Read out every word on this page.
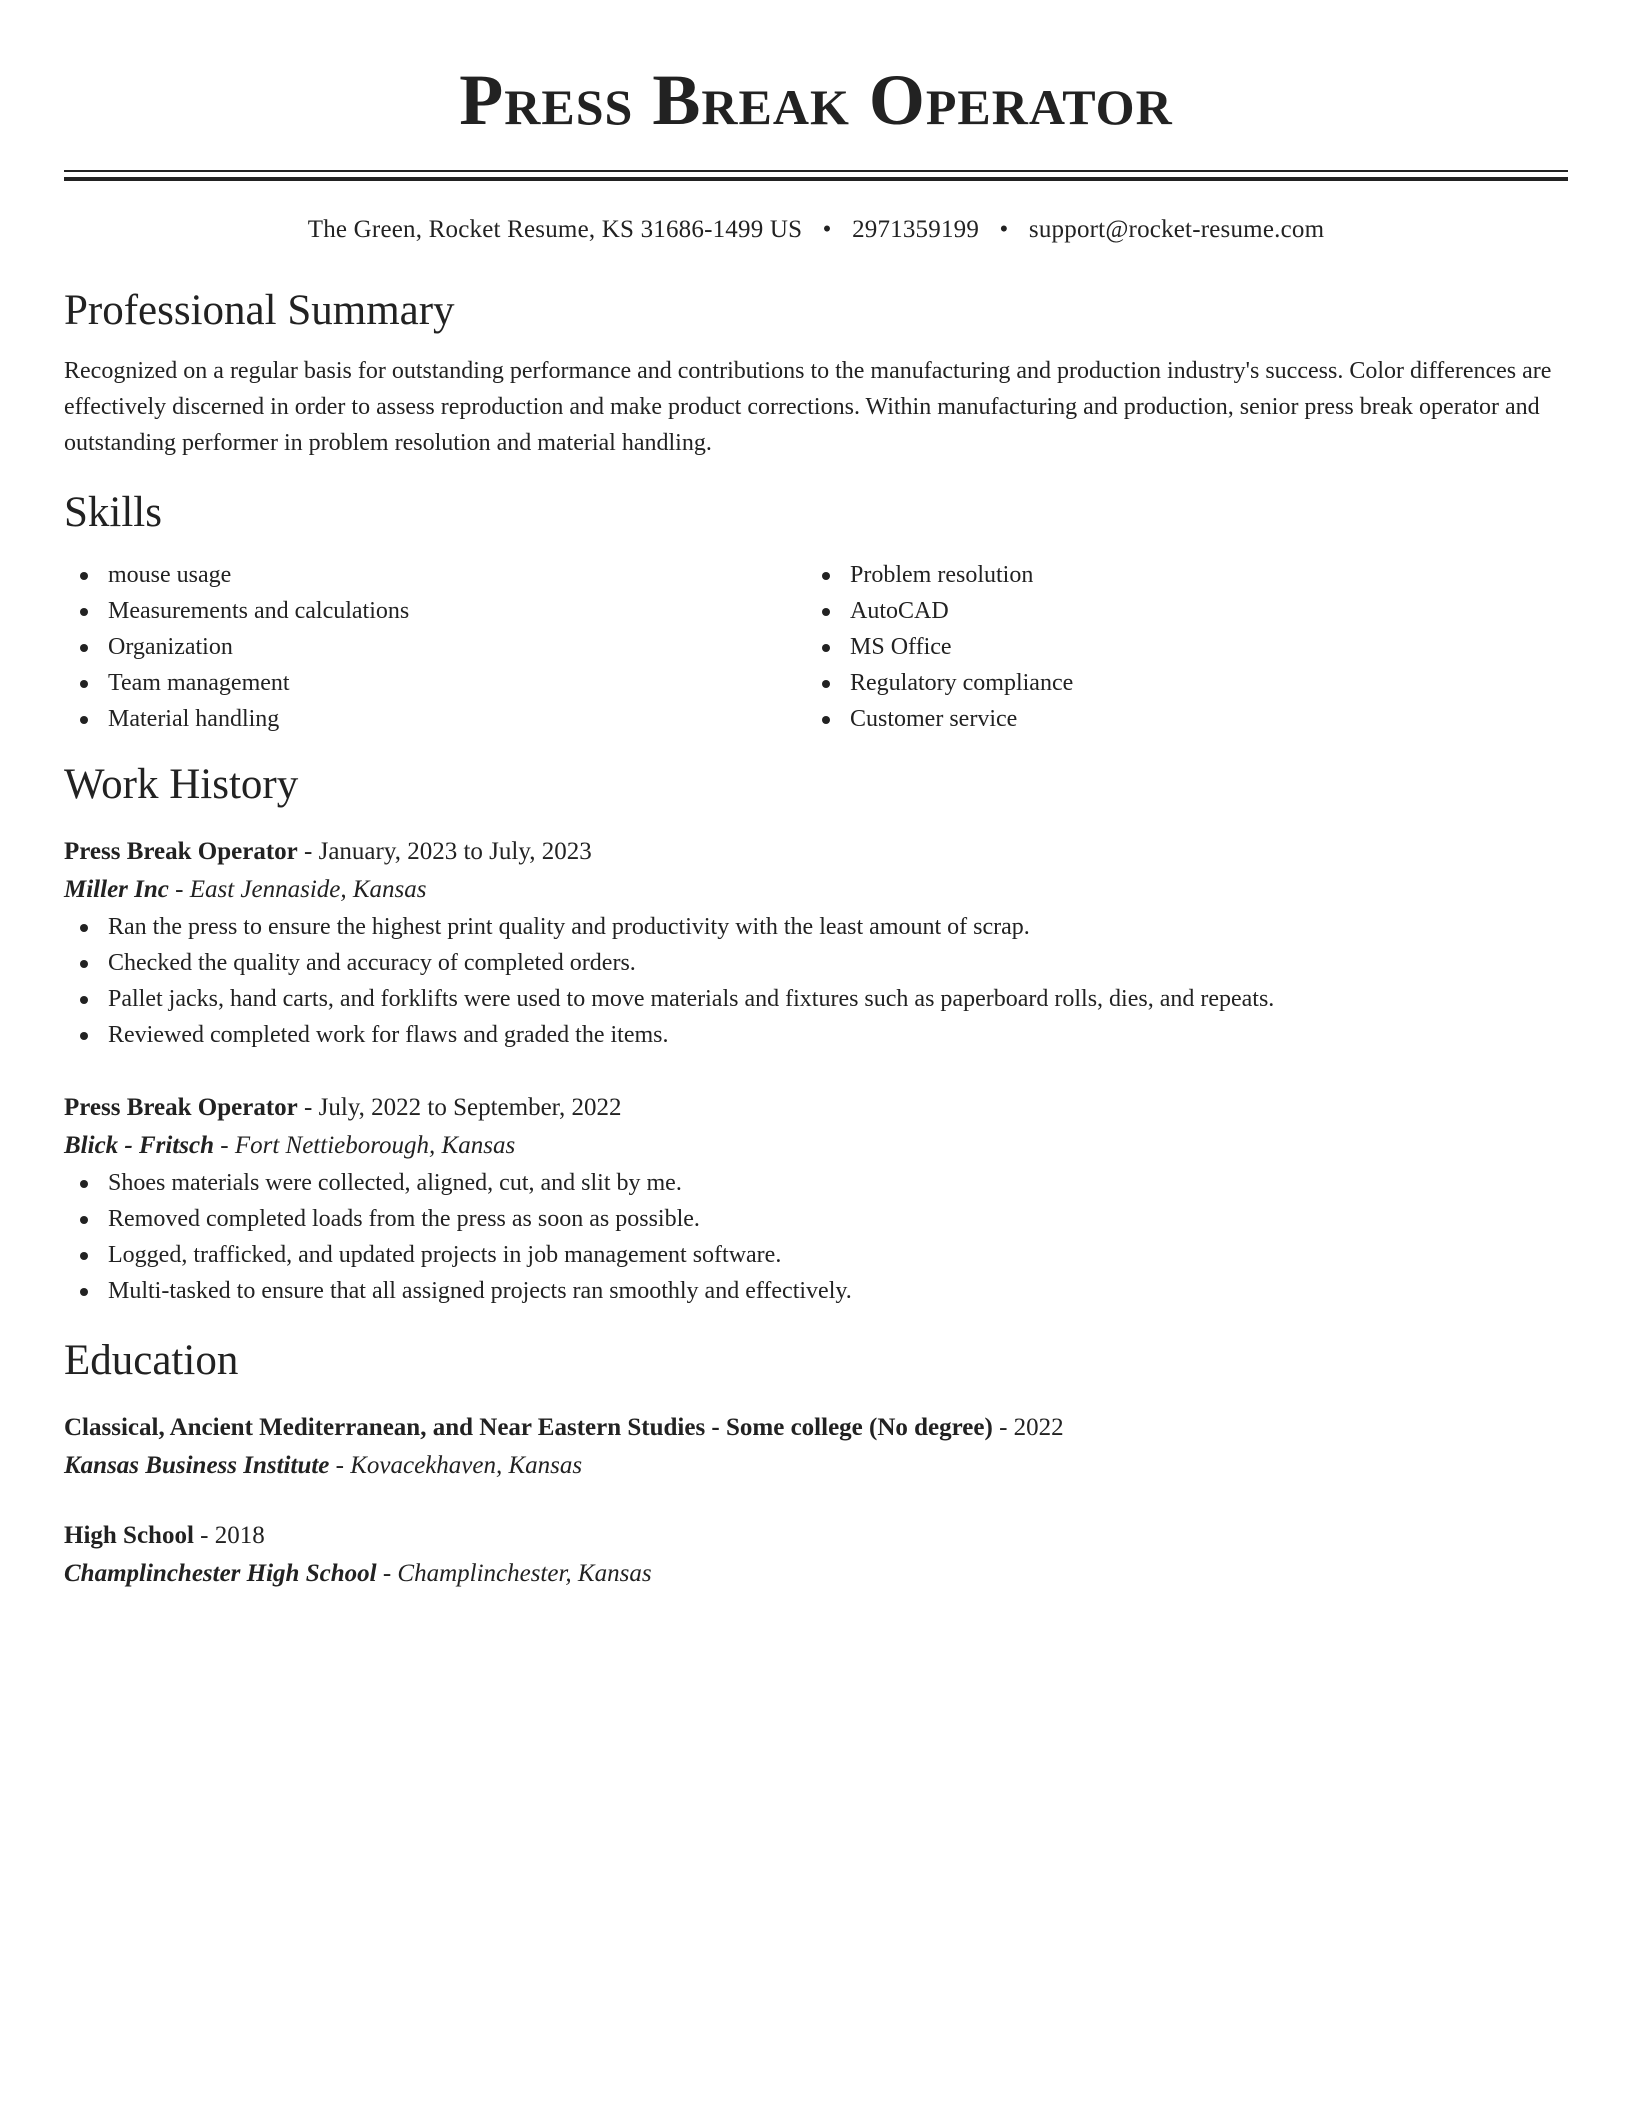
Press Break Operator
The Green, Rocket Resume, KS 31686-1499 US • 2971359199 • support@rocket-resume.com
Professional Summary
Recognized on a regular basis for outstanding performance and contributions to the manufacturing and production industry's success. Color differences are effectively discerned in order to assess reproduction and make product corrections. Within manufacturing and production, senior press break operator and outstanding performer in problem resolution and material handling.
Skills
mouse usage
Measurements and calculations
Organization
Team management
Material handling
Problem resolution
AutoCAD
MS Office
Regulatory compliance
Customer service
Work History
Press Break Operator - January, 2023 to July, 2023
Miller Inc - East Jennaside, Kansas
Ran the press to ensure the highest print quality and productivity with the least amount of scrap.
Checked the quality and accuracy of completed orders.
Pallet jacks, hand carts, and forklifts were used to move materials and fixtures such as paperboard rolls, dies, and repeats.
Reviewed completed work for flaws and graded the items.
Press Break Operator - July, 2022 to September, 2022
Blick - Fritsch - Fort Nettieborough, Kansas
Shoes materials were collected, aligned, cut, and slit by me.
Removed completed loads from the press as soon as possible.
Logged, trafficked, and updated projects in job management software.
Multi-tasked to ensure that all assigned projects ran smoothly and effectively.
Education
Classical, Ancient Mediterranean, and Near Eastern Studies - Some college (No degree) - 2022
Kansas Business Institute - Kovacekhaven, Kansas
High School - 2018
Champlinchester High School - Champlinchester, Kansas
